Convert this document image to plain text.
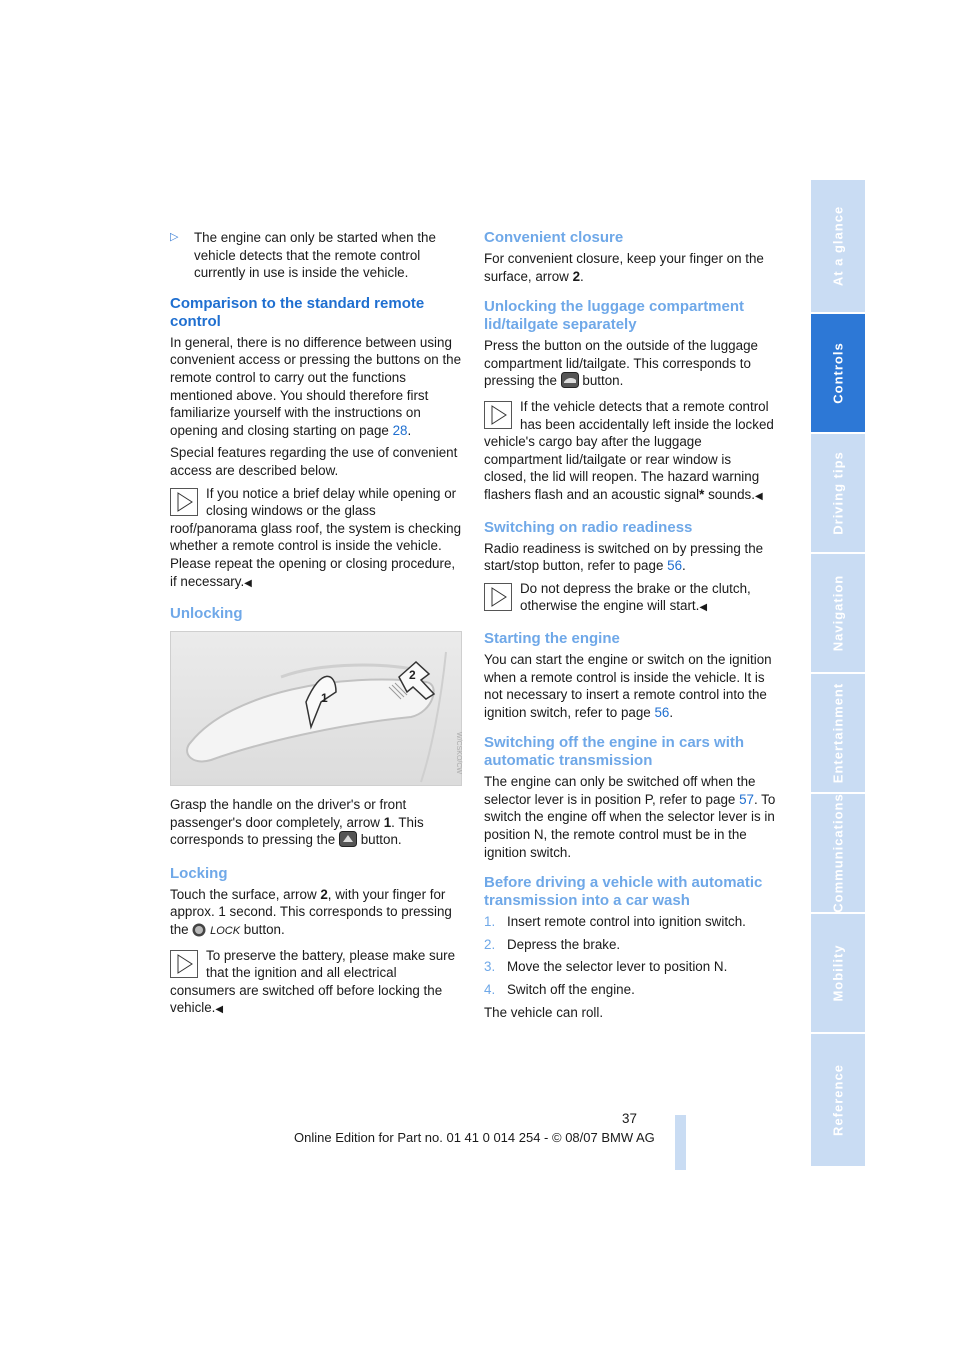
▷	The engine can only be started when the vehicle detects that the remote control currently in use is inside the vehicle.
Comparison to the standard remote control

In general, there is no difference between using convenient access or pressing the buttons on the remote control to carry out the functions mentioned above. You should therefore first familiarize yourself with the instructions on opening and closing starting on page 28.

Special features regarding the use of convenient access are described below.

If you notice a brief delay while opening or closing windows or the glass roof/panorama glass roof, the system is checking whether a remote control is inside the vehicle. Please repeat the opening or closing procedure, if necessary.◀
Unlocking
1
2
W/CSKO/CW

Grasp the handle on the driver's or front passenger's door completely, arrow 1. This corresponds to pressing the  button.

Locking

Touch the surface, arrow 2, with your finger for approx. 1 second. This corresponds to pressing the  LOCK button.

To preserve the battery, please make sure that the ignition and all electrical consumers are switched off before locking the vehicle.◀
Convenient closure

For convenient closure, keep your finger on the surface, arrow 2.

Unlocking the luggage compartment lid/tailgate separately

Press the button on the outside of the luggage compartment lid/tailgate. This corresponds to pressing the  button.

If the vehicle detects that a remote control has been accidentally left inside the locked vehicle's cargo bay after the luggage compartment lid/tailgate or rear window is closed, the lid will reopen. The hazard warning flashers flash and an acoustic signal* sounds.◀
Switching on radio readiness

Radio readiness is switched on by pressing the start/stop button, refer to page 56.

Do not depress the brake or the clutch, otherwise the engine will start.◀
Starting the engine

You can start the engine or switch on the ignition when a remote control is inside the vehicle. It is not necessary to insert a remote control into the ignition switch, refer to page 56.

Switching off the engine in cars with automatic transmission

The engine can only be switched off when the selector lever is in position P, refer to page 57. To switch the engine off when the selector lever is in position N, the remote control must be in the ignition switch.

Before driving a vehicle with automatic transmission into a car wash
1. Insert remote control into ignition switch.
2. Depress the brake.
3. Move the selector lever to position N.
4. Switch off the engine.

The vehicle can roll.

At a glance
Controls
Driving tips
Navigation
Entertainment
Communications
Mobility
Reference
37
Online Edition for Part no. 01 41 0 014 254 - © 08/07 BMW AG
